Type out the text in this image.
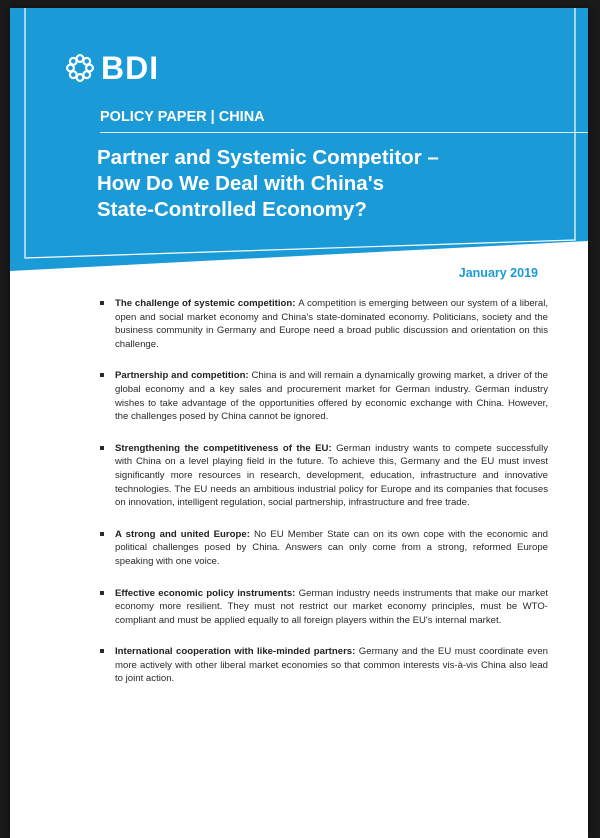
BDI
POLICY PAPER | CHINA
Partner and Systemic Competitor –
How Do We Deal with China's
State-Controlled Economy?
January 2019
The challenge of systemic competition: A competition is emerging between our system of a liberal, open and social market economy and China's state-dominated economy. Politicians, society and the business community in Germany and Europe need a broad public discussion and orientation on this challenge.
Partnership and competition: China is and will remain a dynamically growing market, a driver of the global economy and a key sales and procurement market for German industry. German industry wishes to take advantage of the opportunities offered by economic exchange with China. However, the challenges posed by China cannot be ignored.
Strengthening the competitiveness of the EU: German industry wants to compete successfully with China on a level playing field in the future. To achieve this, Germany and the EU must invest significantly more resources in research, development, education, infrastructure and innovative technologies. The EU needs an ambitious industrial policy for Europe and its companies that focuses on innovation, intelligent regulation, social partnership, infrastructure and free trade.
A strong and united Europe: No EU Member State can on its own cope with the economic and political challenges posed by China. Answers can only come from a strong, reformed Europe speaking with one voice.
Effective economic policy instruments: German industry needs instruments that make our market economy more resilient. They must not restrict our market economy principles, must be WTO-compliant and must be applied equally to all foreign players within the EU's internal market.
International cooperation with like-minded partners: Germany and the EU must coordinate even more actively with other liberal market economies so that common interests vis-à-vis China also lead to joint action.
